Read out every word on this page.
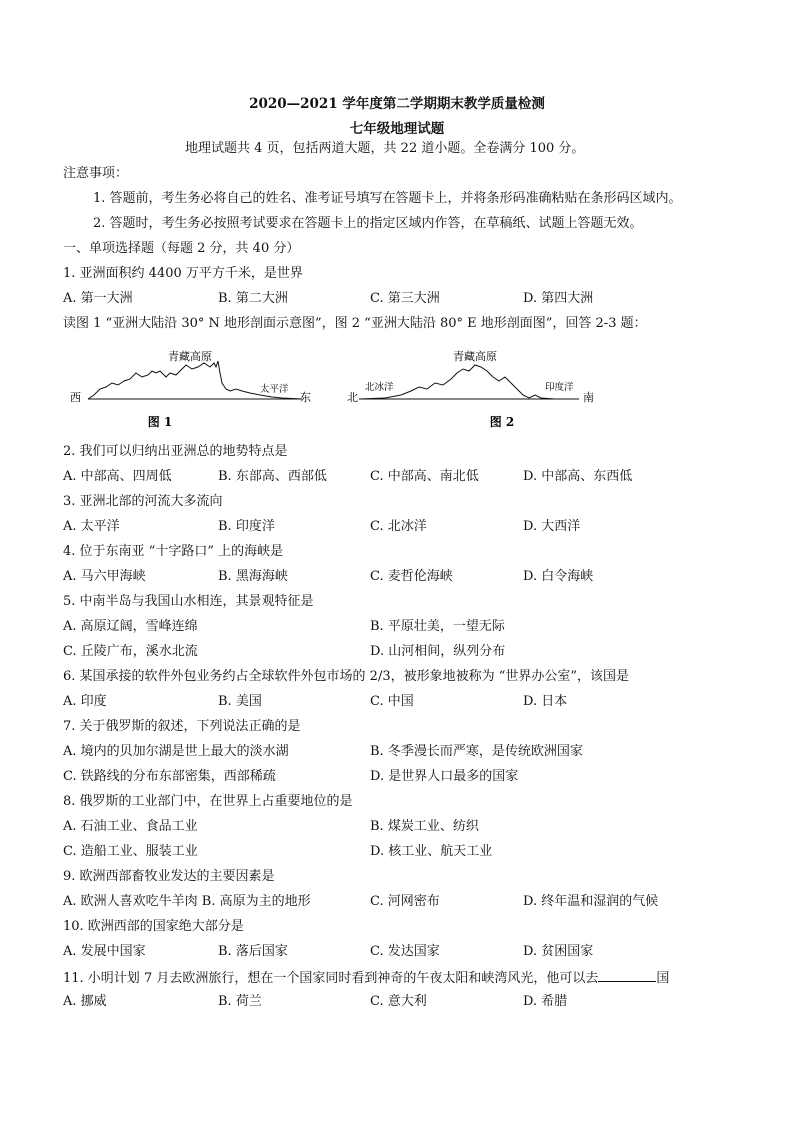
2020—2021 学年度第二学期期末教学质量检测
七年级地理试题
地理试题共 4 页，包括两道大题，共 22 道小题。全卷满分 100 分。
注意事项：
1. 答题前，考生务必将自己的姓名、准考证号填写在答题卡上，并将条形码准确粘贴在条形码区域内。
2. 答题时，考生务必按照考试要求在答题卡上的指定区域内作答，在草稿纸、试题上答题无效。
一、单项选择题（每题 2 分，共 40 分）
1. 亚洲面积约 4400 万平方千米，是世界
A. 第一大洲	B. 第二大洲	C. 第三大洲	D. 第四大洲
读图 1 “亚洲大陆沿 30° N 地形剖面示意图”，图 2 “亚洲大陆沿 80° E 地形剖面图”，回答 2-3 题：
青藏高原
西	东
太平洋
图 1
青藏高原
北	南
北冰洋	印度洋
图 2
2. 我们可以归纳出亚洲总的地势特点是
A. 中部高、四周低	B. 东部高、西部低	C. 中部高、南北低	D. 中部高、东西低
3. 亚洲北部的河流大多流向
A. 太平洋	B. 印度洋	C. 北冰洋	D. 大西洋
4. 位于东南亚 “十字路口” 上的海峡是
A. 马六甲海峡	B. 黑海海峡	C. 麦哲伦海峡	D. 白令海峡
5. 中南半岛与我国山水相连，其景观特征是
A. 高原辽阔，雪峰连绵	B. 平原壮美，一望无际
C. 丘陵广布，溪水北流	D. 山河相间，纵列分布
6. 某国承接的软件外包业务约占全球软件外包市场的 2/3，被形象地被称为 “世界办公室”，该国是
A. 印度	B. 美国	C. 中国	D. 日本
7. 关于俄罗斯的叙述，下列说法正确的是
A. 境内的贝加尔湖是世上最大的淡水湖	B. 冬季漫长而严寒，是传统欧洲国家
C. 铁路线的分布东部密集，西部稀疏	D. 是世界人口最多的国家
8. 俄罗斯的工业部门中，在世界上占重要地位的是
A. 石油工业、食品工业	B. 煤炭工业、纺织
C. 造船工业、服装工业	D. 核工业、航天工业
9. 欧洲西部畜牧业发达的主要因素是
A. 欧洲人喜欢吃牛羊肉 B. 高原为主的地形	C. 河网密布	D. 终年温和湿润的气候
10. 欧洲西部的国家绝大部分是
A. 发展中国家	B. 落后国家	C. 发达国家	D. 贫困国家
11. 小明计划 7 月去欧洲旅行，想在一个国家同时看到神奇的午夜太阳和峡湾风光，他可以去	国
A. 挪威	B. 荷兰	C. 意大利	D. 希腊
